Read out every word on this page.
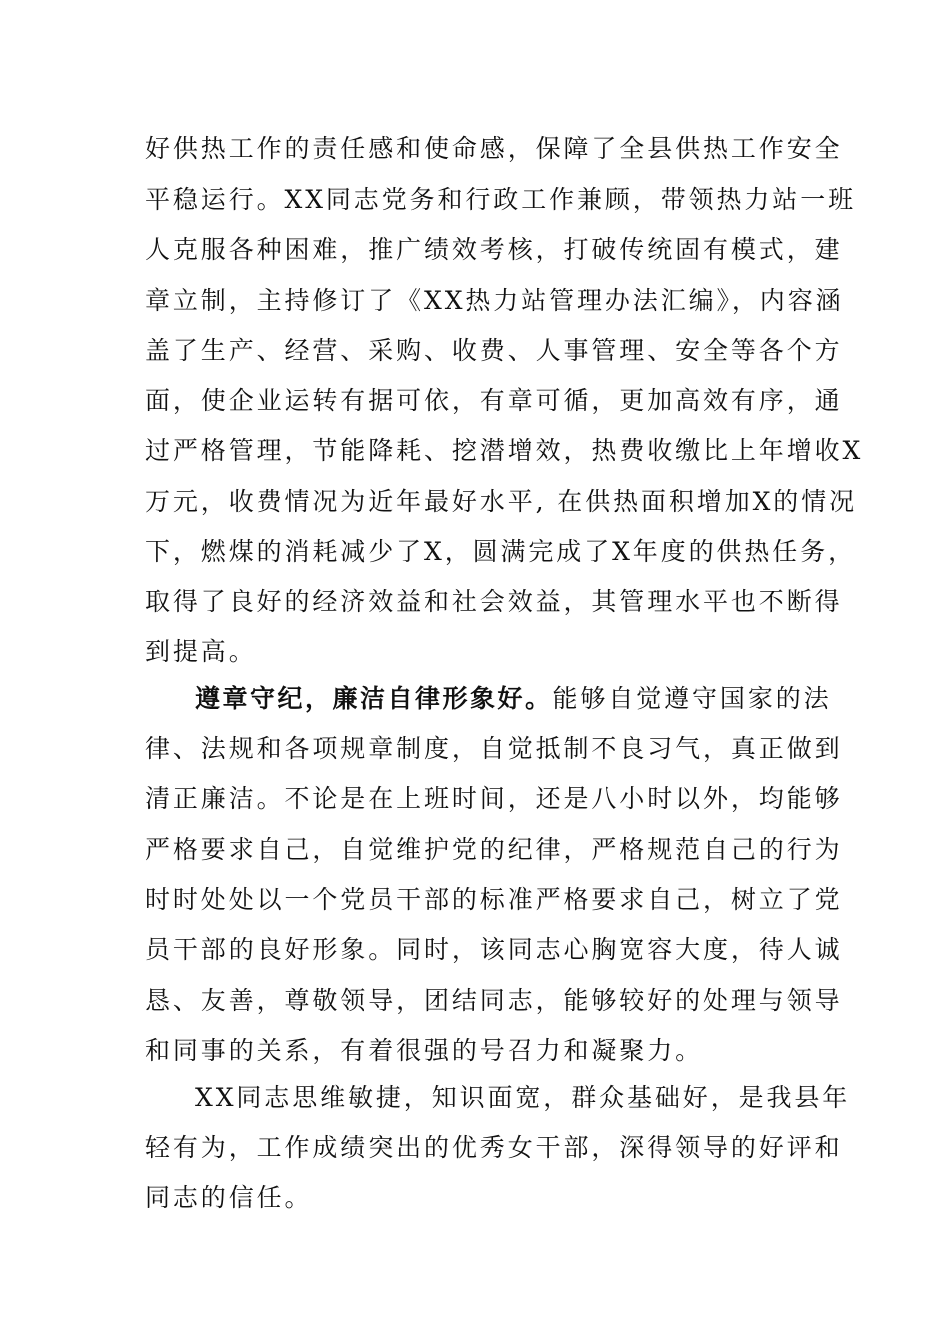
好供热工作的责任感和使命感，保障了全县供热工作安全
平稳运行。XX同志党务和行政工作兼顾，带领热力站一班
人克服各种困难，推广绩效考核，打破传统固有模式，建
章立制，主持修订了《XX热力站管理办法汇编》，内容涵
盖了生产、经营、采购、收费、人事管理、安全等各个方
面，使企业运转有据可依，有章可循，更加高效有序，通
过严格管理，节能降耗、挖潜增效，热费收缴比上年增收X
万元，收费情况为近年最好水平, 在供热面积增加X的情况
下，燃煤的消耗减少了X，圆满完成了X年度的供热任务，
取得了良好的经济效益和社会效益，其管理水平也不断得
到提高。
遵章守纪，廉洁自律形象好。能够自觉遵守国家的法
律、法规和各项规章制度，自觉抵制不良习气，真正做到
清正廉洁。不论是在上班时间，还是八小时以外，均能够
严格要求自己，自觉维护党的纪律，严格规范自己的行为
时时处处以一个党员干部的标准严格要求自己，树立了党
员干部的良好形象。同时，该同志心胸宽容大度，待人诚
恳、友善，尊敬领导，团结同志，能够较好的处理与领导
和同事的关系，有着很强的号召力和凝聚力。
XX同志思维敏捷，知识面宽，群众基础好，是我县年
轻有为，工作成绩突出的优秀女干部，深得领导的好评和
同志的信任。
